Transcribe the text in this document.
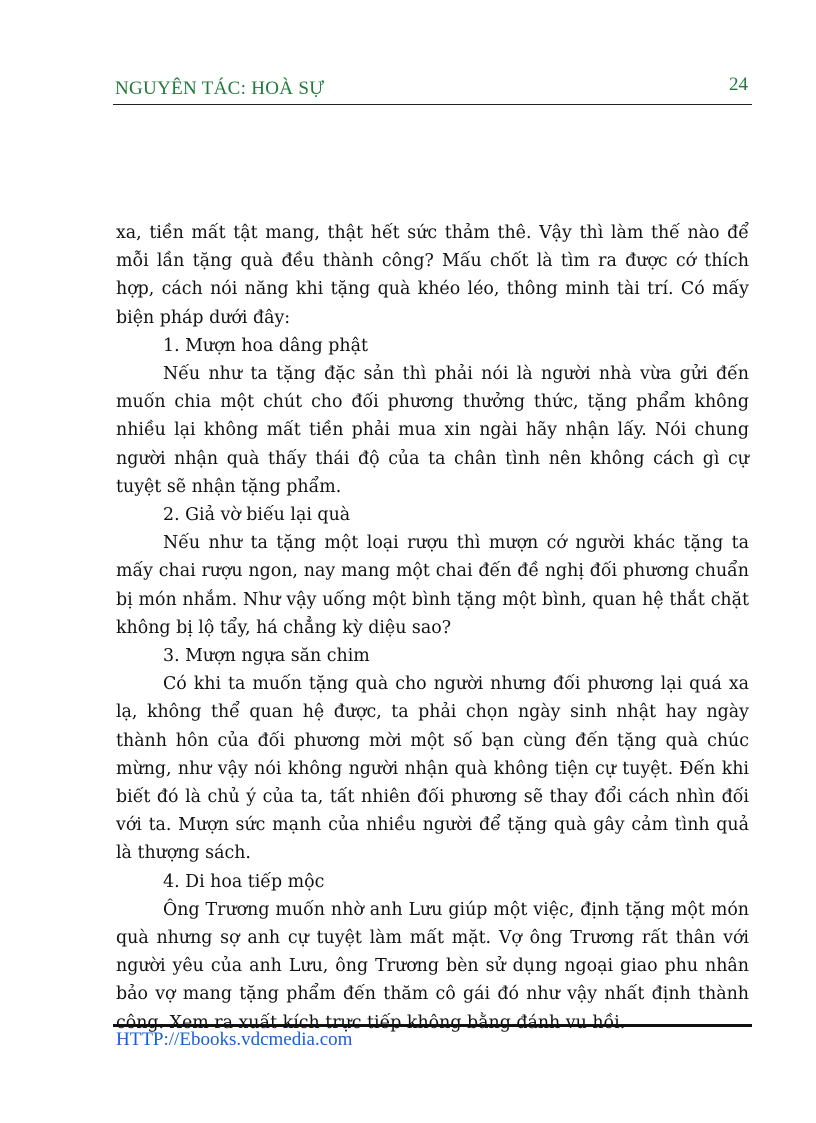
NGUYÊN TÁC: HOÀ SỰ	24

xa, tiền mất tật mang, thật hết sức thảm thê. Vậy thì làm thế nào để mỗi lần tặng quà đều thành công? Mấu chốt là tìm ra được cớ thích hợp, cách nói năng khi tặng quà khéo léo, thông minh tài trí. Có mấy biện pháp dưới đây:

1. Mượn hoa dâng phật

Nếu như ta tặng đặc sản thì phải nói là người nhà vừa gửi đến muốn chia một chút cho đối phương thưởng thức, tặng phẩm không nhiều lại không mất tiền phải mua xin ngài hãy nhận lấy. Nói chung người nhận quà thấy thái độ của ta chân tình nên không cách gì cự tuyệt sẽ nhận tặng phẩm.

2. Giả vờ biếu lại quà

Nếu như ta tặng một loại rượu thì mượn cớ người khác tặng ta mấy chai rượu ngon, nay mang một chai đến đề nghị đối phương chuẩn bị món nhắm. Như vậy uống một bình tặng một bình, quan hệ thắt chặt không bị lộ tẩy, há chẳng kỳ diệu sao?

3. Mượn ngựa săn chim

Có khi ta muốn tặng quà cho người nhưng đối phương lại quá xa lạ, không thể quan hệ được, ta phải chọn ngày sinh nhật hay ngày thành hôn của đối phương mời một số bạn cùng đến tặng quà chúc mừng, như vậy nói không người nhận quà không tiện cự tuyệt. Đến khi biết đó là chủ ý của ta, tất nhiên đối phương sẽ thay đổi cách nhìn đối với ta. Mượn sức mạnh của nhiều người để tặng quà gây cảm tình quả là thượng sách.

4. Di hoa tiếp mộc

Ông Trương muốn nhờ anh Lưu giúp một việc, định tặng một món quà nhưng sợ anh cự tuyệt làm mất mặt. Vợ ông Trương rất thân với người yêu của anh Lưu, ông Trương bèn sử dụng ngoại giao phu nhân bảo vợ mang tặng phẩm đến thăm cô gái đó như vậy nhất định thành công. Xem ra xuất kích trực tiếp không bằng đánh vu hồi.

HTTP://Ebooks.vdcmedia.com
